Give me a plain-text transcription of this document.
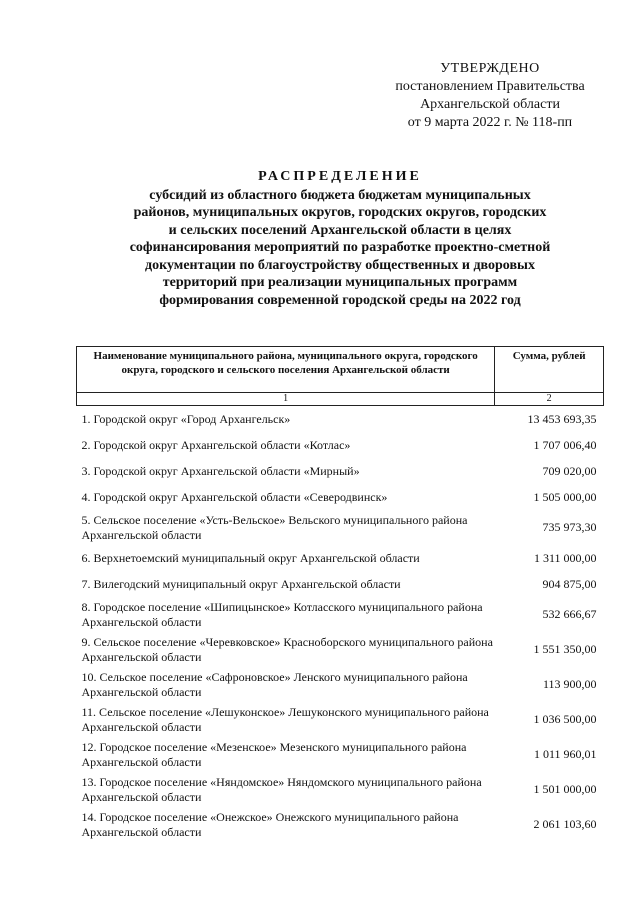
УТВЕРЖДЕНО
постановлением Правительства
Архангельской области
от 9 марта 2022 г. № 118-пп
РАСПРЕДЕЛЕНИЕ
субсидий из областного бюджета бюджетам муниципальных
районов, муниципальных округов, городских округов, городских
и сельских поселений Архангельской области в целях
софинансирования мероприятий по разработке проектно-сметной
документации по благоустройству общественных и дворовых
территорий при реализации муниципальных программ
формирования современной городской среды на 2022 год
Наименование муниципального района, муниципального округа, городского округа, городского и сельского поселения Архангельской области	Сумма, рублей
1	2
1. Городской округ «Город Архангельск»	13 453 693,35
2. Городской округ Архангельской области «Котлас»	1 707 006,40
3. Городской округ Архангельской области «Мирный»	709 020,00
4. Городской округ Архангельской области «Северодвинск»	1 505 000,00
5. Сельское поселение «Усть-Вельское» Вельского муниципального района Архангельской области	735 973,30
6. Верхнетоемский муниципальный округ Архангельской области	1 311 000,00
7. Вилегодский муниципальный округ Архангельской области	904 875,00
8. Городское поселение «Шипицынское» Котласского муниципального района Архангельской области	532 666,67
9. Сельское поселение «Черевковское» Красноборского муниципального района Архангельской области	1 551 350,00
10. Сельское поселение «Сафроновское» Ленского муниципального района Архангельской области	113 900,00
11. Сельское поселение «Лешуконское» Лешуконского муниципального района Архангельской области	1 036 500,00
12. Городское поселение «Мезенское» Мезенского муниципального района Архангельской области	1 011 960,01
13. Городское поселение «Няндомское» Няндомского муниципального района Архангельской области	1 501 000,00
14. Городское поселение «Онежское» Онежского муниципального района Архангельской области	2 061 103,60
